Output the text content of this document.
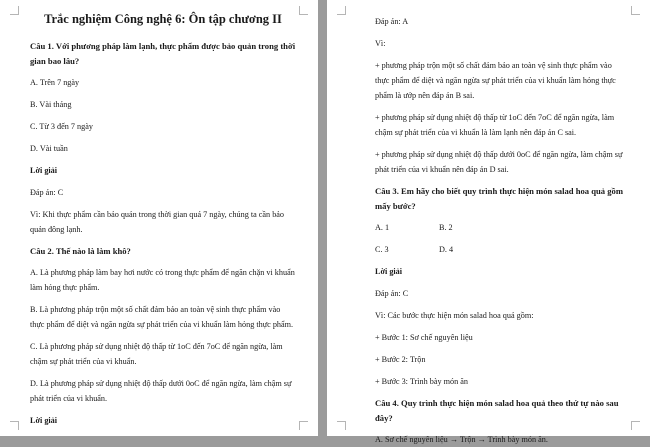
Trắc nghiệm Công nghệ 6: Ôn tập chương II
Câu 1. Với phương pháp làm lạnh, thực phẩm được bảo quản trong thời gian bao lâu?
A. Trên 7 ngày
B. Vài tháng
C. Từ 3 đến 7 ngày
D. Vài tuần
Lời giải
Đáp án: C
Vì: Khi thực phẩm cần bảo quản trong thời gian quá 7 ngày, chúng ta cần bảo quản đông lạnh.
Câu 2. Thế nào là làm khô?
A. Là phương pháp làm bay hơi nước có trong thực phẩm để ngăn chặn vi khuẩn làm hỏng thực phẩm.
B. Là phương pháp trộn một số chất đảm bảo an toàn vệ sinh thực phẩm vào thực phẩm để diệt và ngăn ngừa sự phát triển của vi khuẩn làm hỏng thực phẩm.
C. Là phương pháp sử dụng nhiệt độ thấp từ 1oC đến 7oC để ngăn ngừa, làm chậm sự phát triển của vi khuẩn.
D. Là phương pháp sử dụng nhiệt độ thấp dưới 0oC để ngăn ngừa, làm chậm sự phát triển của vi khuẩn.
Lời giải
Đáp án: A
Vì:
+ phương pháp trộn một số chất đảm bảo an toàn vệ sinh thực phẩm vào thực phẩm để diệt và ngăn ngừa sự phát triển của vi khuẩn làm hỏng thực phẩm là ướp nên đáp án B sai.
+ phương pháp sử dụng nhiệt độ thấp từ 1oC đến 7oC để ngăn ngừa, làm chậm sự phát triển của vi khuẩn là làm lạnh nên đáp án C sai.
+ phương pháp sử dụng nhiệt độ thấp dưới 0oC để ngăn ngừa, làm chậm sự phát triển của vi khuẩn nên đáp án D sai.
Câu 3. Em hãy cho biết quy trình thực hiện món salad hoa quả gồm mấy bước?
A. 1	B. 2
C. 3	D. 4
Lời giải
Đáp án: C
Vì: Các bước thực hiện món salad hoa quả gồm:
+ Bước 1: Sơ chế nguyên liệu
+ Bước 2: Trộn
+ Bước 3: Trình bày món ăn
Câu 4. Quy trình thực hiện món salad hoa quả theo thứ tự nào sau đây?
A. Sơ chế nguyên liệu → Trộn → Trình bày món ăn.
